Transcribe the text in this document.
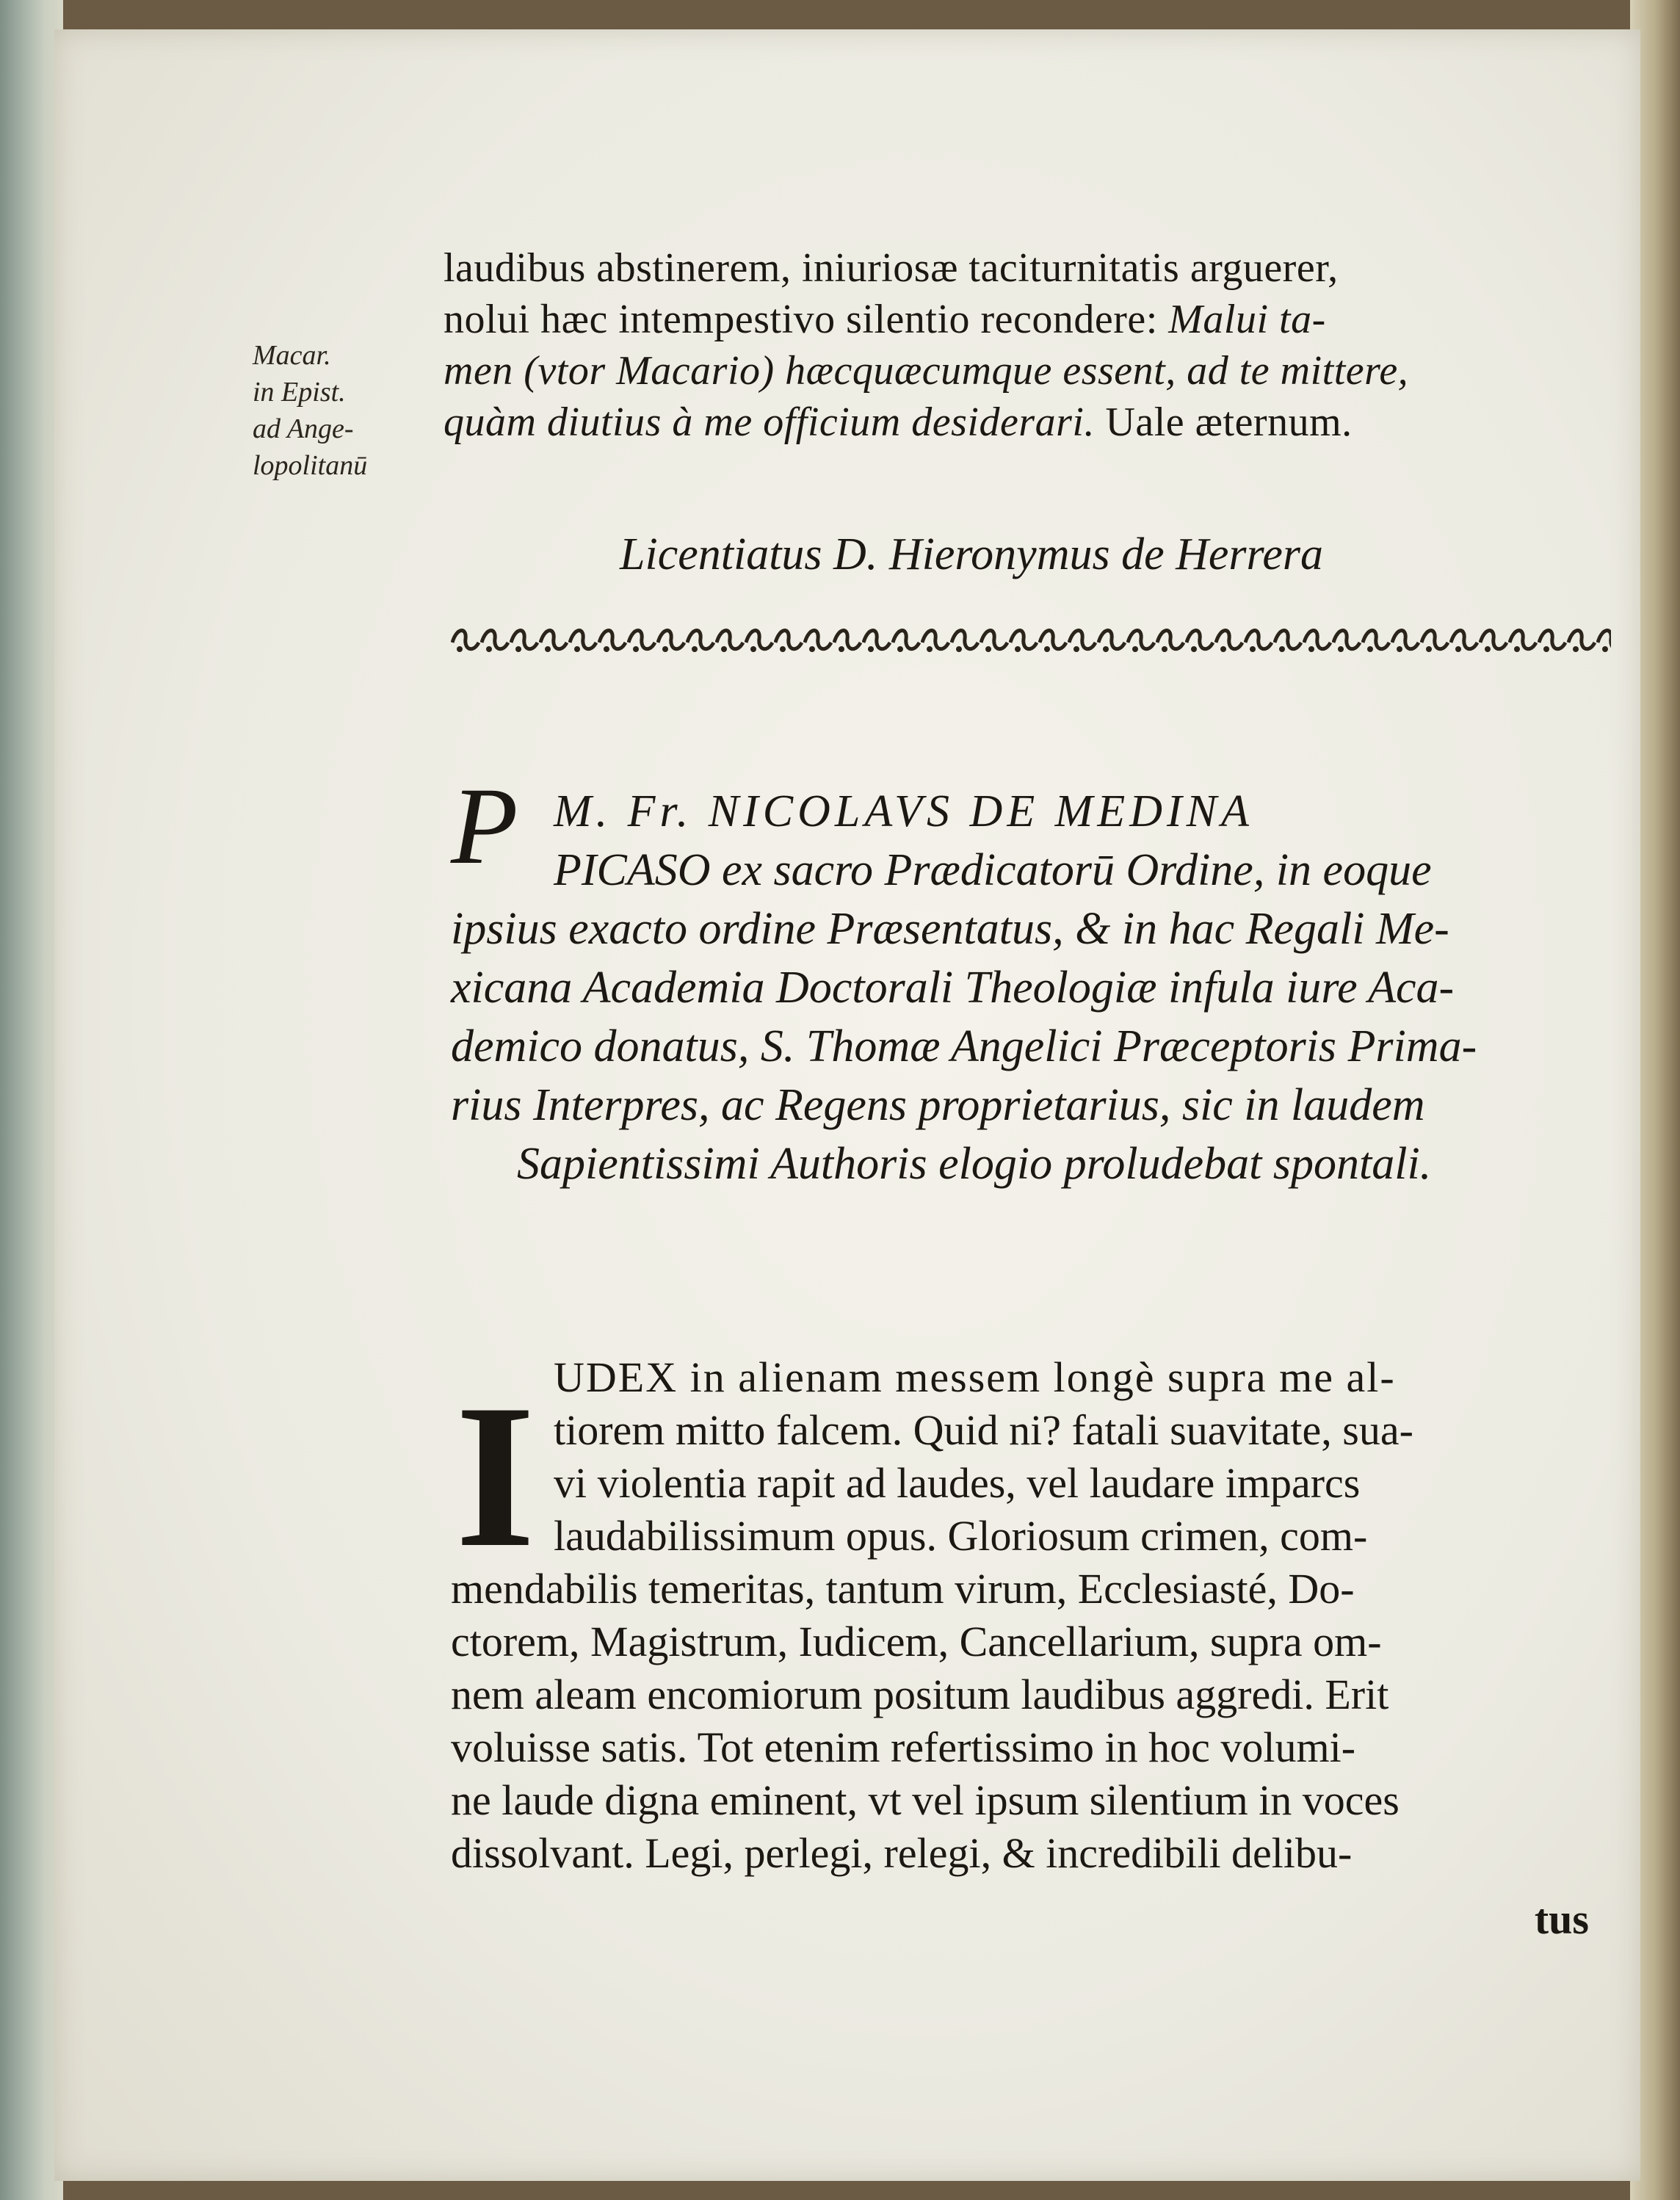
laudibus abstinerem, iniuriosæ taciturnitatis arguerer,
nolui hæc intempestivo silentio recondere: Malui ta-
men (vtor Macario) hæcquæcumque essent, ad te mittere,
quàm diutius à me officium desiderari. Uale æternum.
Macar.
in Epist.
ad Ange-
lopolitanū
Licentiatus D. Hieronymus de Herrera
P M. Fr. NICOLAVS DE MEDINA
PICASO ex sacro Prædicatorū Ordine, in eoque
ipsius exacto ordine Præsentatus, & in hac Regali Me-
xicana Academia Doctorali Theologiæ infula iure Aca-
demico donatus, S. Thomæ Angelici Præceptoris Prima-
rius Interpres, ac Regens proprietarius, sic in laudem
Sapientissimi Authoris elogio proludebat spontali.
I UDEX in alienam messem longè supra me al-
tiorem mitto falcem. Quid ni? fatali suavitate, sua-
vi violentia rapit ad laudes, vel laudare imparcs
laudabilissimum opus. Gloriosum crimen, com-
mendabilis temeritas, tantum virum, Ecclesiasté, Do-
ctorem, Magistrum, Iudicem, Cancellarium, supra om-
nem aleam encomiorum positum laudibus aggredi. Erit
voluisse satis. Tot etenim refertissimo in hoc volumi-
ne laude digna eminent, vt vel ipsum silentium in voces
dissolvant. Legi, perlegi, relegi, & incredibili delibu-
tus
